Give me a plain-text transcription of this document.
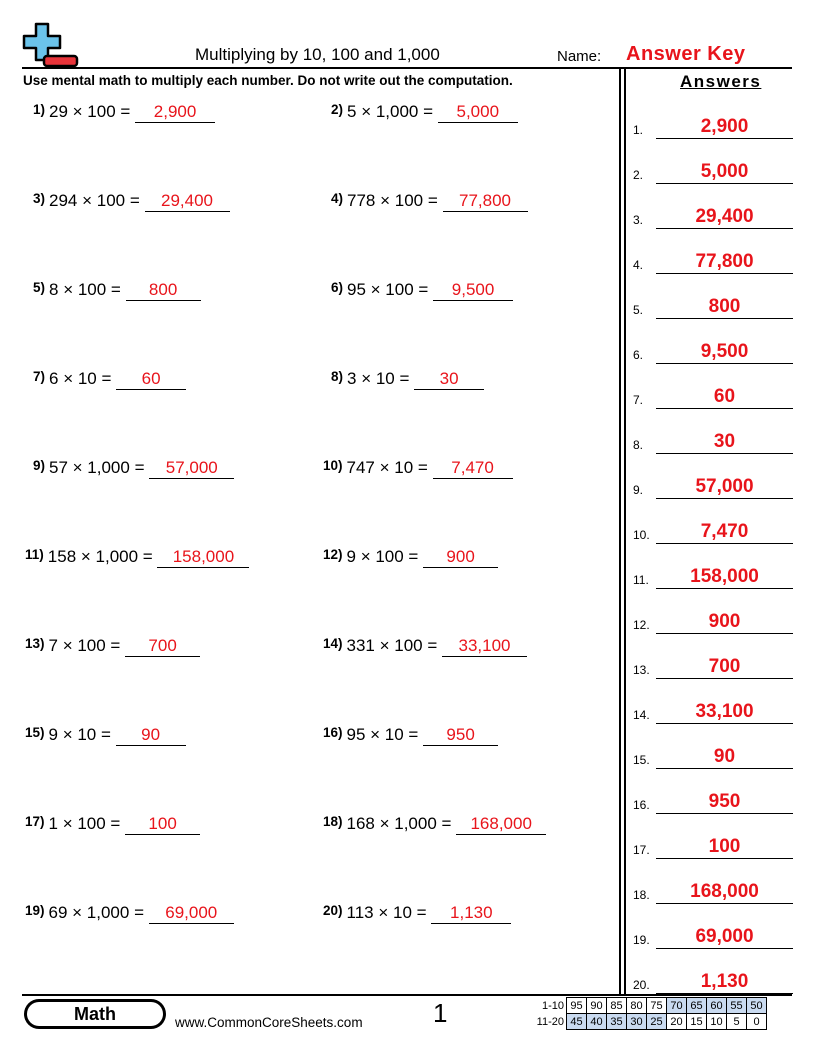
Multiplying by 10, 100 and 1,000	Name: Answer Key
Use mental math to multiply each number. Do not write out the computation.	Answers
1) 29 × 100 = 2,900
3) 294 × 100 = 29,400
5) 8 × 100 = 800
7) 6 × 10 = 60
9) 57 × 1,000 = 57,000
11) 158 × 1,000 = 158,000
13) 7 × 100 = 700
15) 9 × 10 = 90
17) 1 × 100 = 100
19) 69 × 1,000 = 69,000
2) 5 × 1,000 = 5,000
4) 778 × 100 = 77,800
6) 95 × 100 = 9,500
8) 3 × 10 = 30
10) 747 × 10 = 7,470
12) 9 × 100 = 900
14) 331 × 100 = 33,100
16) 95 × 10 = 950
18) 168 × 1,000 = 168,000
20) 113 × 10 = 1,130
1.	2,900
2.	5,000
3.	29,400
4.	77,800
5.	800
6.	9,500
7.	60
8.	30
9.	57,000
10.	7,470
11.	158,000
12.	900
13.	700
14.	33,100
15.	90
16.	950
17.	100
18.	168,000
19.	69,000
20.	1,130
Math	www.CommonCoreSheets.com	1	1-10	95	90	85	80	75	70	65	60	55	50
11-20	45	40	35	30	25	20	15	10	5	0
